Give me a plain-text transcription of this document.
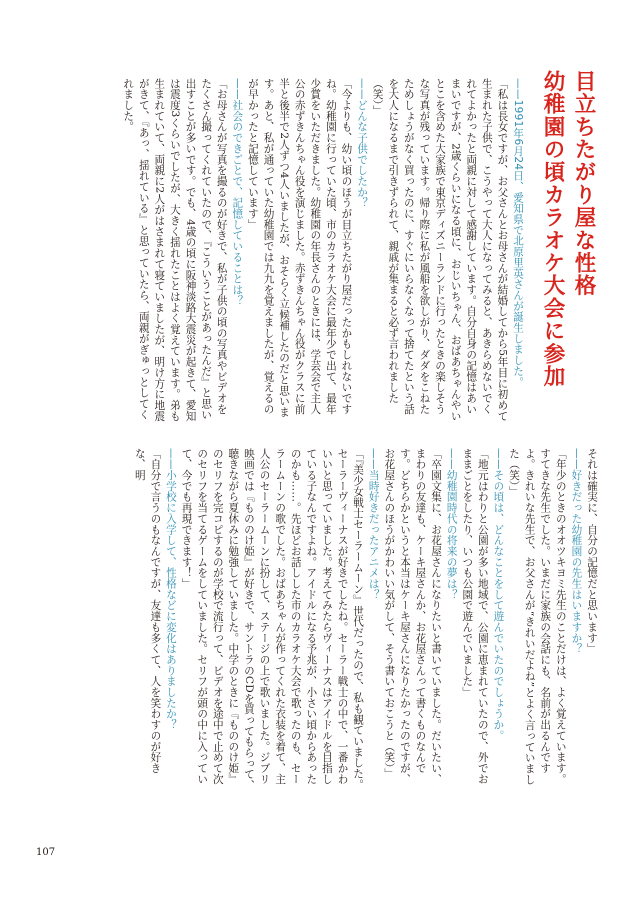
目立ちたがり屋な性格
幼稚園の頃カラオケ大会に参加

——1991年6月24日、愛知県で北原里英さんが誕生しました。

「私は長女ですが、お父さんとお母さんが結婚してから5年目に初めて生まれた子供で、こうやって大人になってみると、あきらめないでくれてよかったと両親に対して感謝しています。自分自身の記憶はあいまいですが、2歳くらいになる頃に、おじいちゃん、おばあちゃんやいとこを含めた大家族で東京ディズニーランドに行ったときの楽しそうな写真が残っています。帰り際に私が風船を欲しがり、ダダをこねたためしょうがなく買ったのに、すぐにいらなくなって捨てたという話を大人になるまで引きずられて、親戚が集まると必ず言われました（笑）」

——どんな子供でしたか？

「今よりも、幼い頃のほうが目立ちたがり屋だったかもしれないですね。幼稚園に行っていた頃、市のカラオケ大会に最年少で出て、最年少賞をいただきました。幼稚園の年長さんのときには、学芸会で主人公の赤ずきんちゃん役を演じました。赤ずきんちゃん役がクラスに前半と後半で2人ずつ4人いましたが、おそらく立候補したのだと思います。あと、私が通っていた幼稚園では九九を覚えましたが、覚えるのが早かったと記憶しています」

——社会のできごとで、記憶していることは？

「お母さんが写真を撮るのが好きで、私が子供の頃の写真やビデオをたくさん撮ってくれていたので、『こういうことがあったんだ』と思い出すことが多いです。でも、4歳の頃に阪神淡路大震災が起きて、愛知は震度3くらいでしたが、大きく揺れたことはよく覚えています。弟も生まれていて、両親に2人がはさまれて寝ていましたが、明け方に地震がきて、『あっ、揺れている』と思っていたら、両親がぎゅっとしてくれました。

それは確実に、自分の記憶だと思います」

——好きだった幼稚園の先生はいますか？

「年少のときのオオツキヨミ先生のことだけは、よく覚えています。すてきな先生でした。いまだに家族の会話にも、名前が出るんですよ。きれいな先生で、お父さんが“きれいだよね”とよく言っていました（笑）」

——その頃は、どんなことをして遊んでいたのでしょうか。

「地元はわりと公園が多い地域で、公園に恵まれていたので、外でおままごとをしたり、いつも公園で遊んでいました」

——幼稚園時代の将来の夢は？

「卒園文集に、お花屋さんになりたいと書いていました。だいたい、まわりの友達も、ケーキ屋さんか、お花屋さんって書くものなんです。どちらかというと本当はケーキ屋さんになりたかったのですが、お花屋さんのほうがかわいい気がして、そう書いておこうと（笑）」

——当時好きだったアニメは？

「『美少女戦士セーラームーン』世代だったので、私も観ていました。セーラーヴィーナスが好きでしたね。セーラー戦士の中で、一番かわいいと思っていました。考えてみたらヴィーナスはアイドルを目指している子なんですよね。アイドルになる予兆が、小さい頃からあったのかも……。先ほどお話しした市のカラオケ大会で歌ったのも、セーラームーンの歌でした。おばあちゃんが作ってくれた衣装を着て、主人公のセーラームーンに扮して、ステージの上で歌いました。ジブリ映画では『もののけ姫』が好きで、サントラのCDを買ってもらって、聴きながら夏休みに勉強していました。中学のときに『もののけ姫』のセリフを完コピするのが学校で流行って、ビデオを途中で止めて次のセリフを当てるゲームをしていました。セリフが頭の中に入っていて、今でも再現できます！」

——小学校に入学して、性格などに変化はありましたか？

「自分で言うのもなんですが、友達も多くて、人を笑わすのが好きな、明

107
